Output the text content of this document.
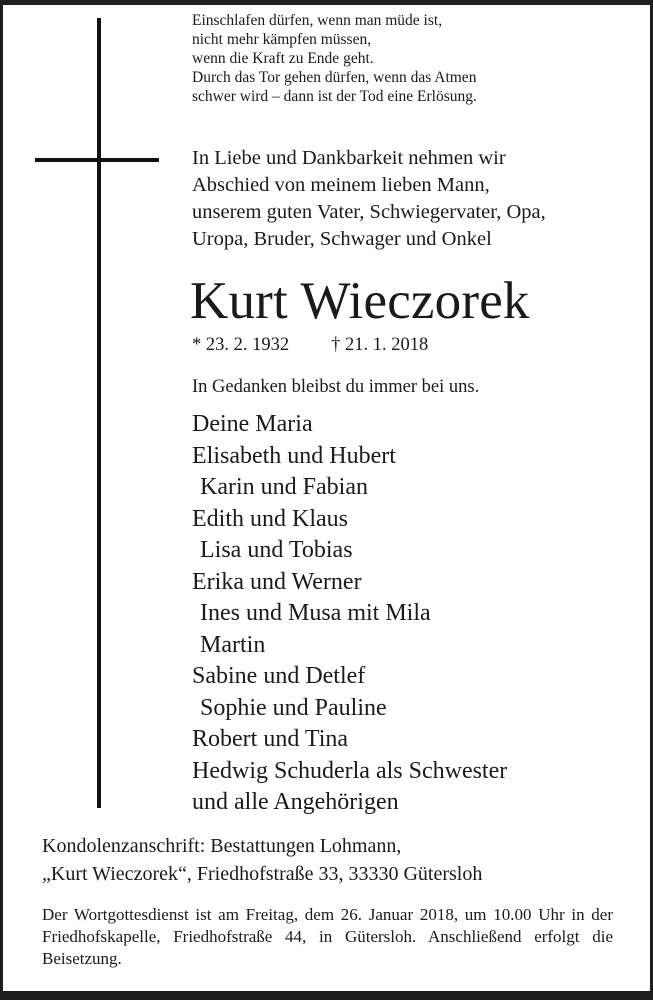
Einschlafen dürfen, wenn man müde ist,
nicht mehr kämpfen müssen,
wenn die Kraft zu Ende geht.
Durch das Tor gehen dürfen, wenn das Atmen
schwer wird – dann ist der Tod eine Erlösung.
In Liebe und Dankbarkeit nehmen wir
Abschied von meinem lieben Mann,
unserem guten Vater, Schwiegervater, Opa,
Uropa, Bruder, Schwager und Onkel
Kurt Wieczorek
* 23. 2. 1932 † 21. 1. 2018
In Gedanken bleibst du immer bei uns.
Deine Maria
Elisabeth und Hubert
Karin und Fabian
Edith und Klaus
Lisa und Tobias
Erika und Werner
Ines und Musa mit Mila
Martin
Sabine und Detlef
Sophie und Pauline
Robert und Tina
Hedwig Schuderla als Schwester
und alle Angehörigen
Kondolenzanschrift: Bestattungen Lohmann,
„Kurt Wieczorek“, Friedhofstraße 33, 33330 Gütersloh
Der Wortgottesdienst ist am Freitag, dem 26. Januar 2018, um 10.00 Uhr in der Friedhofskapelle, Friedhofstraße 44, in Gütersloh. Anschließend erfolgt die Beisetzung.
